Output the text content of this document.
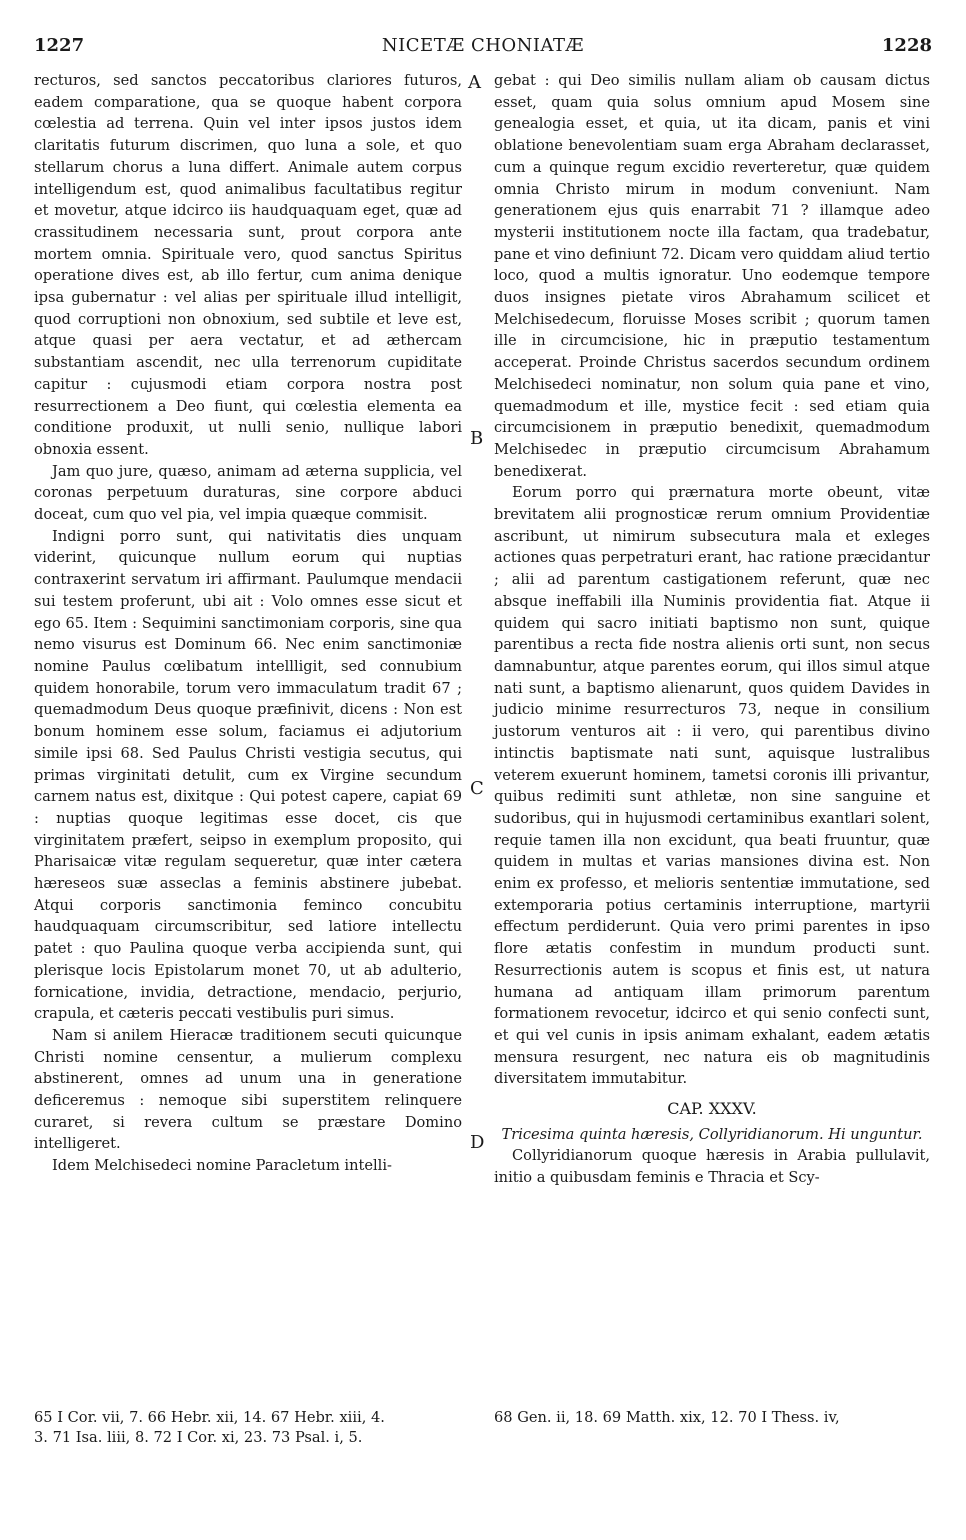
1227	NICETÆ CHONIATÆ	1228
A
B
C
D

recturos, sed sanctos peccatoribus clariores futuros, eadem comparatione, qua se quoque habent corpora cœlestia ad terrena. Quin vel inter ipsos justos idem claritatis futurum discrimen, quo luna a sole, et quo stellarum chorus a luna differt. Animale autem corpus intelligendum est, quod animalibus facultatibus regitur et movetur, atque idcirco iis haudquaquam eget, quæ ad crassitudinem necessaria sunt, prout corpora ante mortem omnia. Spirituale vero, quod sanctus Spiritus operatione dives est, ab illo fertur, cum anima denique ipsa gubernatur : vel alias per spirituale illud intelligit, quod corruptioni non obnoxium, sed subtile et leve est, atque quasi per aera vectatur, et ad æthercam substantiam ascendit, nec ulla terrenorum cupiditate capitur : cujusmodi etiam corpora nostra post resurrectionem a Deo fiunt, qui cœlestia elementa ea conditione produxit, ut nulli senio, nullique labori obnoxia essent.

Jam quo jure, quæso, animam ad æterna supplicia, vel coronas perpetuum duraturas, sine corpore abduci doceat, cum quo vel pia, vel impia quæque commisit.

Indigni porro sunt, qui nativitatis dies unquam viderint, quicunque nullum eorum qui nuptias contraxerint servatum iri affirmant. Paulumque mendacii sui testem proferunt, ubi ait : Volo omnes esse sicut et ego 65. Item : Sequimini sanctimoniam corporis, sine qua nemo visurus est Dominum 66. Nec enim sanctimoniæ nomine Paulus cœlibatum intellligit, sed connubium quidem honorabile, torum vero immaculatum tradit 67 ; quemadmodum Deus quoque præfinivit, dicens : Non est bonum hominem esse solum, faciamus ei adjutorium simile ipsi 68. Sed Paulus Christi vestigia secutus, qui primas virginitati detulit, cum ex Virgine secundum carnem natus est, dixitque : Qui potest capere, capiat 69 : nuptias quoque legitimas esse docet, cis que virginitatem præfert, seipso in exemplum proposito, qui Pharisaicæ vitæ regulam sequeretur, quæ inter cætera hæreseos suæ asseclas a feminis abstinere jubebat. Atqui corporis sanctimonia feminco concubitu haudquaquam circumscribitur, sed latiore intellectu patet : quo Paulina quoque verba accipienda sunt, qui plerisque locis Epistolarum monet 70, ut ab adulterio, fornicatione, invidia, detractione, mendacio, perjurio, crapula, et cæteris peccati vestibulis puri simus.

Nam si anilem Hieracæ traditionem secuti quicunque Christi nomine censentur, a mulierum complexu abstinerent, omnes ad unum una in generatione deficeremus : nemoque sibi superstitem relinquere curaret, si revera cultum se præstare Domino intelligeret.

Idem Melchisedeci nomine Paracletum intelli-

gebat : qui Deo similis nullam aliam ob causam dictus esset, quam quia solus omnium apud Mosem sine genealogia esset, et quia, ut ita dicam, panis et vini oblatione benevolentiam suam erga Abraham declarasset, cum a quinque regum excidio reverteretur, quæ quidem omnia Christo mirum in modum conveniunt. Nam generationem ejus quis enarrabit 71 ? illamque adeo mysterii institutionem nocte illa factam, qua tradebatur, pane et vino definiunt 72. Dicam vero quiddam aliud tertio loco, quod a multis ignoratur. Uno eodemque tempore duos insignes pietate viros Abrahamum scilicet et Melchisedecum, floruisse Moses scribit ; quorum tamen ille in circumcisione, hic in præputio testamentum acceperat. Proinde Christus sacerdos secundum ordinem Melchisedeci nominatur, non solum quia pane et vino, quemadmodum et ille, mystice fecit : sed etiam quia circumcisionem in præputio benedixit, quemadmodum Melchisedec in præputio circumcisum Abrahamum benedixerat.

Eorum porro qui prærnatura morte obeunt, vitæ brevitatem alii prognosticæ rerum omnium Providentiæ ascribunt, ut nimirum subsecutura mala et exleges actiones quas perpetraturi erant, hac ratione præcidantur ; alii ad parentum castigationem referunt, quæ nec absque ineffabili illa Numinis providentia fiat. Atque ii quidem qui sacro initiati baptismo non sunt, quique parentibus a recta fide nostra alienis orti sunt, non secus damnabuntur, atque parentes eorum, qui illos simul atque nati sunt, a baptismo alienarunt, quos quidem Davides in judicio minime resurrecturos 73, neque in consilium justorum venturos ait : ii vero, qui parentibus divino intinctis baptismate nati sunt, aquisque lustralibus veterem exuerunt hominem, tametsi coronis illi privantur, quibus redimiti sunt athletæ, non sine sanguine et sudoribus, qui in hujusmodi certaminibus exantlari solent, requie tamen illa non excidunt, qua beati fruuntur, quæ quidem in multas et varias mansiones divina est. Non enim ex professo, et melioris sententiæ immutatione, sed extemporaria potius certaminis interruptione, martyrii effectum perdiderunt. Quia vero primi parentes in ipso flore ætatis confestim in mundum producti sunt. Resurrectionis autem is scopus et finis est, ut natura humana ad antiquam illam primorum parentum formationem revocetur, idcirco et qui senio confecti sunt, et qui vel cunis in ipsis animam exhalant, eadem ætatis mensura resurgent, nec natura eis ob magnitudinis diversitatem immutabitur.

CAP. XXXV.

Tricesima quinta hæresis, Collyridianorum. Hi unguntur.

Collyridianorum quoque hæresis in Arabia pullulavit, initio a quibusdam feminis e Thracia et Scy-

65 I Cor. vii, 7. 66 Hebr. xii, 14. 67 Hebr. xiii, 4.
3. 71 Isa. liii, 8. 72 I Cor. xi, 23. 73 Psal. i, 5.
68 Gen. ii, 18. 69 Matth. xix, 12. 70 I Thess. iv,
